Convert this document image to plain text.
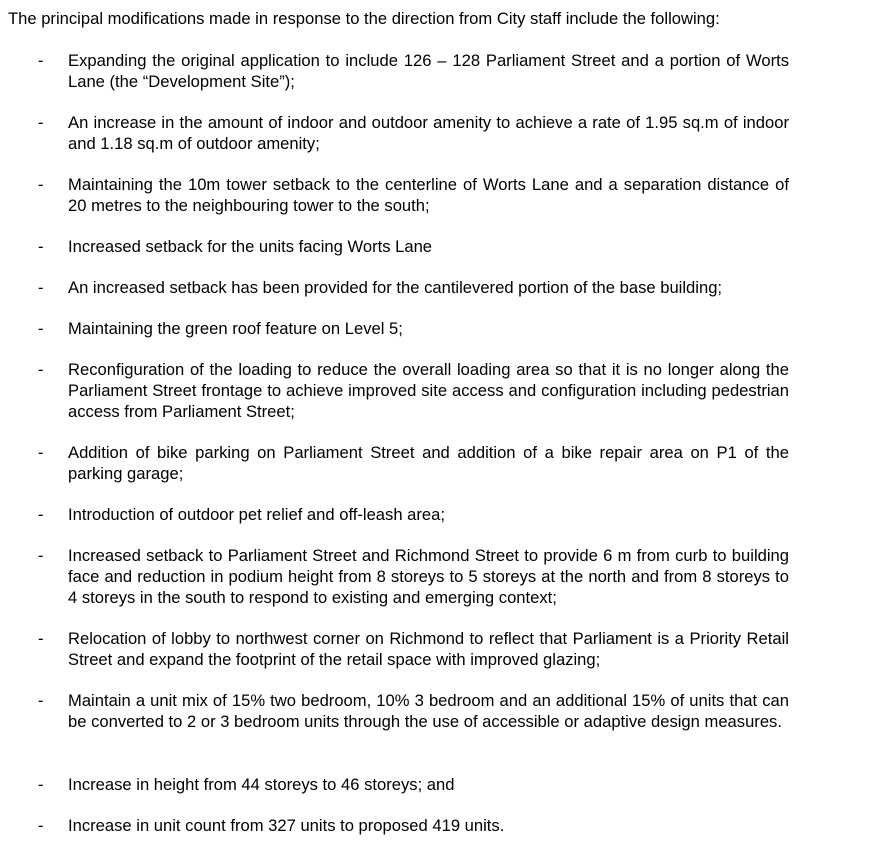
The principal modifications made in response to the direction from City staff include the following:

- Expanding the original application to include 126 – 128 Parliament Street and a portion of Worts Lane (the “Development Site”);
- An increase in the amount of indoor and outdoor amenity to achieve a rate of 1.95 sq.m of indoor and 1.18 sq.m of outdoor amenity;
- Maintaining the 10m tower setback to the centerline of Worts Lane and a separation distance of 20 metres to the neighbouring tower to the south;
- Increased setback for the units facing Worts Lane
- An increased setback has been provided for the cantilevered portion of the base building;
- Maintaining the green roof feature on Level 5;
- Reconfiguration of the loading to reduce the overall loading area so that it is no longer along the Parliament Street frontage to achieve improved site access and configuration including pedestrian access from Parliament Street;
- Addition of bike parking on Parliament Street and addition of a bike repair area on P1 of the parking garage;
- Introduction of outdoor pet relief and off-leash area;
- Increased setback to Parliament Street and Richmond Street to provide 6 m from curb to building face and reduction in podium height from 8 storeys to 5 storeys at the north and from 8 storeys to 4 storeys in the south to respond to existing and emerging context;
- Relocation of lobby to northwest corner on Richmond to reflect that Parliament is a Priority Retail Street and expand the footprint of the retail space with improved glazing;
- Maintain a unit mix of 15% two bedroom, 10% 3 bedroom and an additional 15% of units that can be converted to 2 or 3 bedroom units through the use of accessible or adaptive design measures.
- Increase in height from 44 storeys to 46 storeys; and
- Increase in unit count from 327 units to proposed 419 units.
